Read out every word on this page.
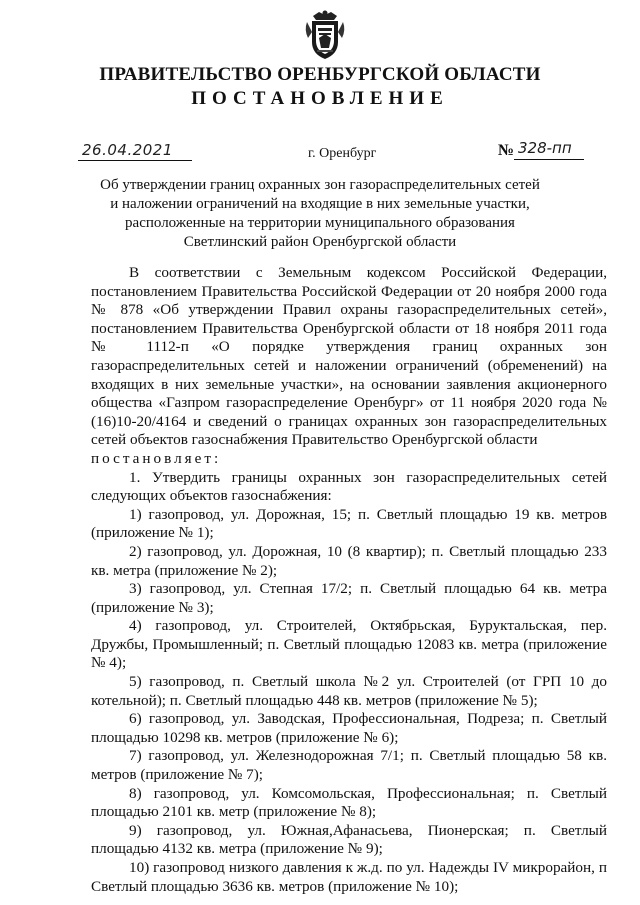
ПРАВИТЕЛЬСТВО ОРЕНБУРГСКОЙ ОБЛАСТИ
ПОСТАНОВЛЕНИЕ
26.04.2021	г. Оренбург	№ 328-пп
Об утверждении границ охранных зон газораспределительных сетей
и наложении ограничений на входящие в них земельные участки,
расположенные на территории муниципального образования
Светлинский район Оренбургской области

В соответствии с Земельным кодексом Российской Федерации, постановлением Правительства Российской Федерации от 20 ноября 2000 года № 878 «Об утверждении Правил охраны газораспределительных сетей», постановлением Правительства Оренбургской области от 18 ноября 2011 года № 1112-п «О порядке утверждения границ охранных зон газораспределительных сетей и наложении ограничений (обременений) на входящих в них земельные участки», на основании заявления акционерного общества «Газпром газораспределение Оренбург» от 11 ноября 2020 года № (16)10-20/4164 и сведений о границах охранных зон газораспределительных сетей объектов газоснабжения Правительство Оренбургской области

постановляет:

1. Утвердить границы охранных зон газораспределительных сетей следующих объектов газоснабжения:

1) газопровод, ул. Дорожная, 15; п. Светлый площадью 19 кв. метров (приложение № 1);

2) газопровод, ул. Дорожная, 10 (8 квартир); п. Светлый площадью 233 кв. метра (приложение № 2);

3) газопровод, ул. Степная 17/2; п. Светлый площадью 64 кв. метра (приложение № 3);

4) газопровод, ул. Строителей, Октябрьская, Буруктальская, пер. Дружбы, Промышленный; п. Светлый площадью 12083 кв. метра (приложение № 4);

5) газопровод, п. Светлый школа №2 ул. Строителей (от ГРП 10 до котельной); п. Светлый площадью 448 кв. метров (приложение № 5);

6) газопровод, ул. Заводская, Профессиональная, Подреза; п. Светлый площадью 10298 кв. метров (приложение № 6);

7) газопровод, ул. Железнодорожная 7/1; п. Светлый площадью 58 кв. метров (приложение № 7);

8) газопровод, ул. Комсомольская, Профессиональная; п. Светлый площадью 2101 кв. метр (приложение № 8);

9) газопровод, ул. Южная,Афанасьева, Пионерская; п. Светлый площадью 4132 кв. метра (приложение № 9);

10) газопровод низкого давления к ж.д. по ул. Надежды IV микрорайон, п Светлый площадью 3636 кв. метров (приложение № 10);
